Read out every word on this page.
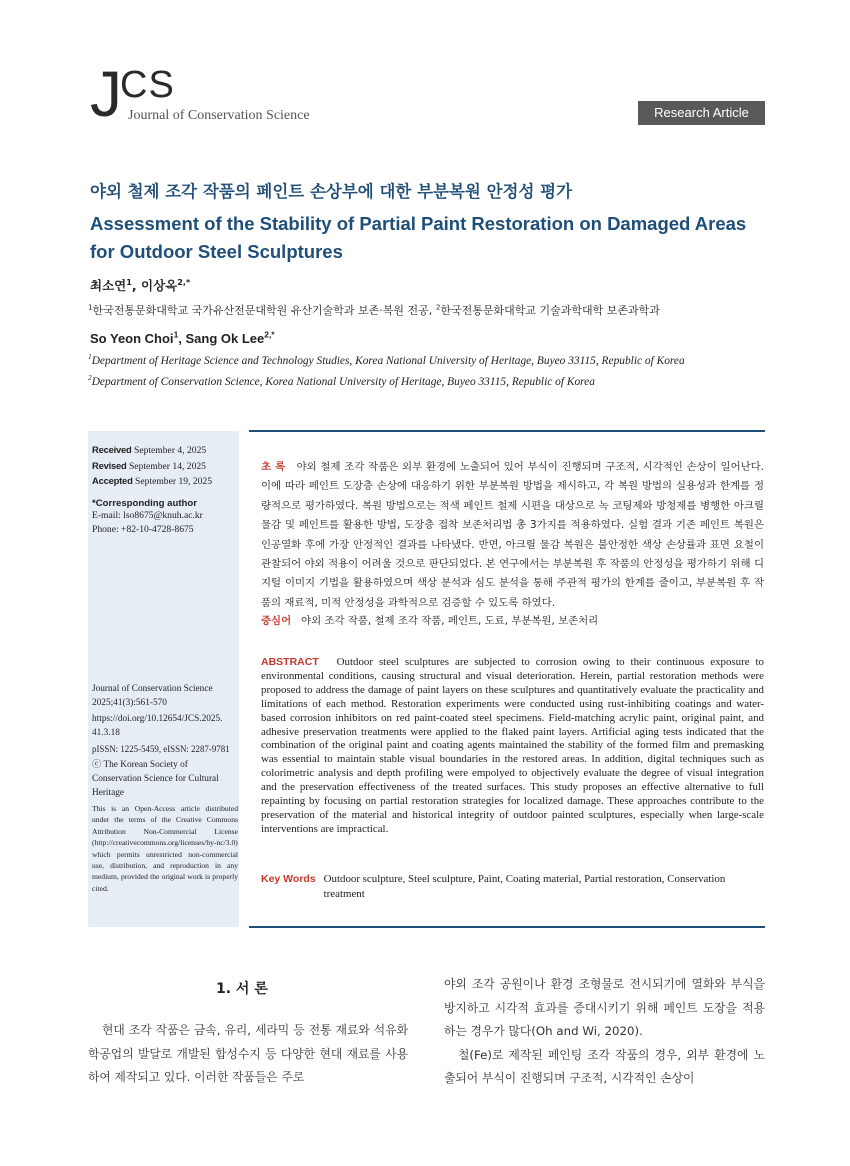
J
CS
Journal of Conservation Science	Research Article
야외 철제 조각 작품의 페인트 손상부에 대한 부분복원 안정성 평가
Assessment of the Stability of Partial Paint Restoration on Damaged Areas for Outdoor Steel Sculptures
최소연$^1$, 이상옥$^{2,*}$
$^1$한국전통문화대학교 국가유산전문대학원 유산기술학과 보존·복원 전공, $^2$한국전통문화대학교 기술과학대학 보존과학과
So Yeon Choi$^1$, Sang Ok Lee$^{2,*}$
$^1$Department of Heritage Science and Technology Studies, Korea National University of Heritage, Buyeo 33115, Republic of Korea
$^2$Department of Conservation Science, Korea National University of Heritage, Buyeo 33115, Republic of Korea
Received September 4, 2025
Revised September 14, 2025
Accepted September 19, 2025
*Corresponding author
E-mail: lso8675@knuh.ac.kr
Phone: +82-10-4728-8675
Journal of Conservation Science
2025;41(3):561-570
https://doi.org/10.12654/JCS.2025.
41.3.18
pISSN: 1225-5459, eISSN: 2287-9781
ⓒ The Korean Society of Conservation Science for Cultural Heritage
This is an Open-Access article distributed under the terms of the Creative Commons Attribution Non-Commercial License (http://creativecommons.org/licenses/by-nc/3.0) which permits unrestricted non-commercial use, distribution, and reproduction in any medium, provided the original work is properly cited.
초 록 야외 철제 조각 작품은 외부 환경에 노출되어 있어 부식이 진행되며 구조적, 시각적인 손상이 일어난다. 이에 따라 페인트 도장층 손상에 대응하기 위한 부분복원 방법을 제시하고, 각 복원 방법의 실용성과 한계를 정량적으로 평가하였다. 복원 방법으로는 적색 페인트 철제 시편을 대상으로 녹 코팅제와 방청제를 병행한 아크릴 물감 및 페인트를 활용한 방법, 도장층 접착 보존처리법 총 3가지를 적용하였다. 실험 결과 기존 페인트 복원은 인공열화 후에 가장 안정적인 결과를 나타냈다. 반면, 아크릴 물감 복원은 불안정한 색상 손상률과 표면 요철이 관찰되어 야외 적용이 어려울 것으로 판단되었다. 본 연구에서는 부분복원 후 작품의 안정성을 평가하기 위해 디지털 이미지 기법을 활용하였으며 색상 분석과 심도 분석을 통해 주관적 평가의 한계를 줄이고, 부분복원 후 작품의 재료적, 미적 안정성을 과학적으로 검증할 수 있도록 하였다.
중심어 야외 조각 작품, 철제 조각 작품, 페인트, 도료, 부분복원, 보존처리
ABSTRACT Outdoor steel sculptures are subjected to corrosion owing to their continuous exposure to environmental conditions, causing structural and visual deterioration. Herein, partial restoration methods were proposed to address the damage of paint layers on these sculptures and quantitatively evaluate the practicality and limitations of each method. Restoration experiments were conducted using rust-inhibiting coatings and water-based corrosion inhibitors on red paint-coated steel specimens. Field-matching acrylic paint, original paint, and adhesive preservation treatments were applied to the flaked paint layers. Artificial aging tests indicated that the combination of the original paint and coating agents maintained the stability of the formed film and premasking was essential to maintain stable visual boundaries in the restored areas. In addition, digital techniques such as colorimetric analysis and depth profiling were empolyed to objectively evaluate the degree of visual integration and the preservation effectiveness of the treated surfaces. This study proposes an effective alternative to full repainting by focusing on partial restoration strategies for localized damage. These approaches contribute to the preservation of the material and historical integrity of outdoor painted sculptures, especially when large-scale interventions are impractical.
Key Words Outdoor sculpture, Steel sculpture, Paint, Coating material, Partial restoration, Conservation treatment
1. 서 론

현대 조각 작품은 금속, 유리, 세라믹 등 전통 재료와 석유화학공업의 발달로 개발된 합성수지 등 다양한 현대 재료를 사용하여 제작되고 있다. 이러한 작품들은 주로

야외 조각 공원이나 환경 조형물로 전시되기에 열화와 부식을 방지하고 시각적 효과를 증대시키기 위해 페인트 도장을 적용하는 경우가 많다(Oh and Wi, 2020).

철(Fe)로 제작된 페인팅 조각 작품의 경우, 외부 환경에 노출되어 부식이 진행되며 구조적, 시각적인 손상이
